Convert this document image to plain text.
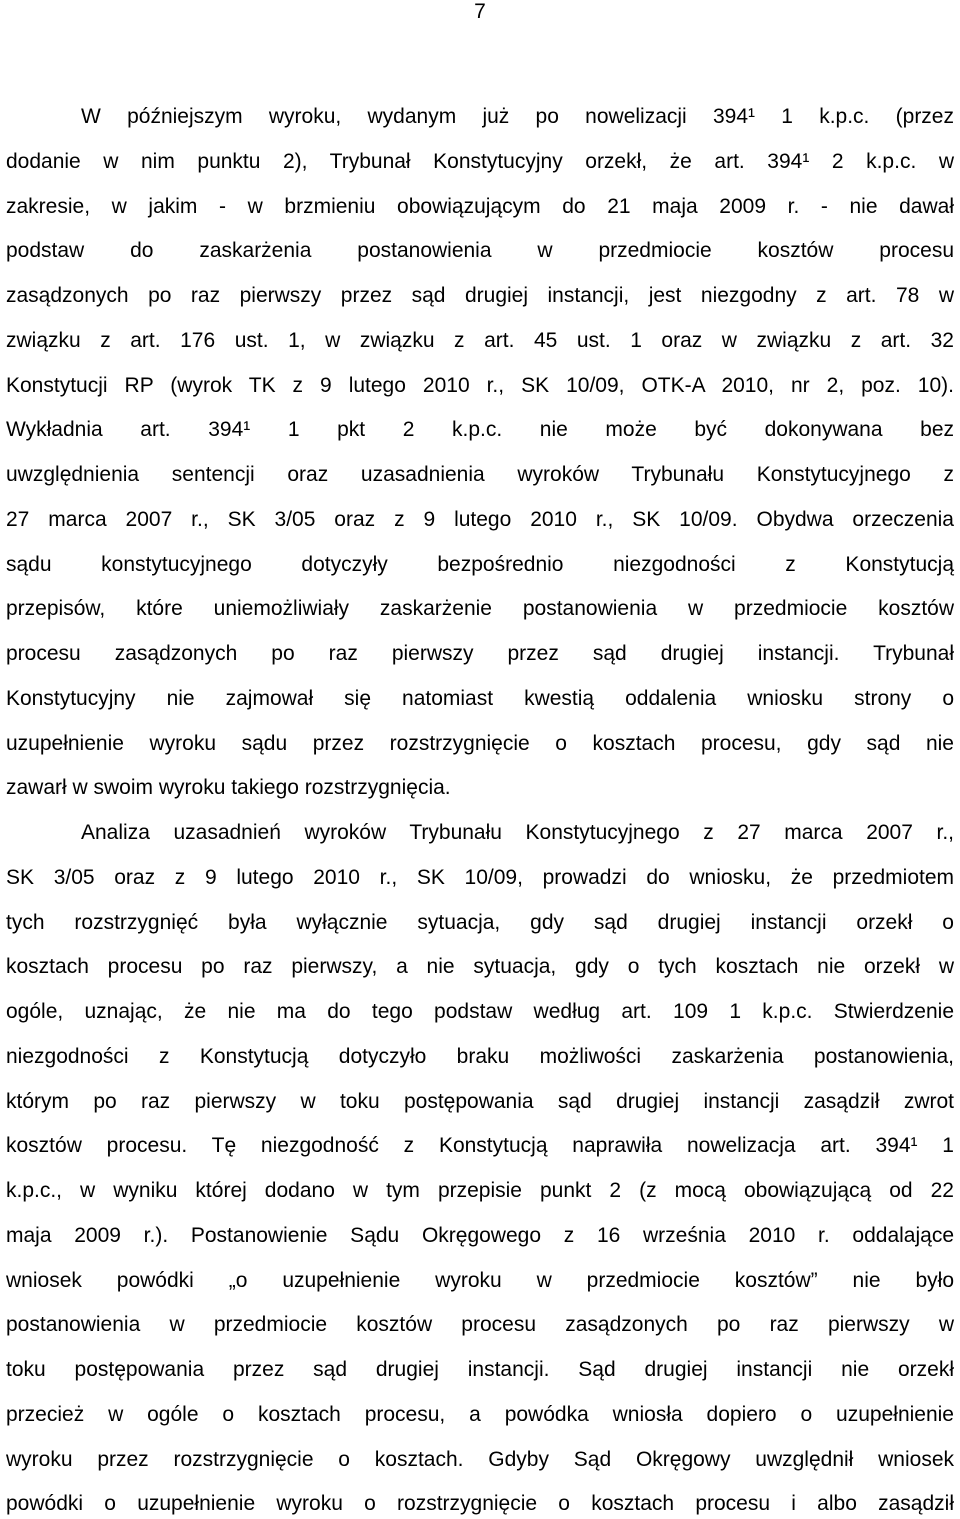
7
W późniejszym wyroku, wydanym już po nowelizacji 394¹ 1 k.p.c. (przez
dodanie w nim punktu 2), Trybunał Konstytucyjny orzekł, że art. 394¹ 2 k.p.c. w
zakresie, w jakim - w brzmieniu obowiązującym do 21 maja 2009 r. - nie dawał
podstaw do zaskarżenia postanowienia w przedmiocie kosztów procesu
zasądzonych po raz pierwszy przez sąd drugiej instancji, jest niezgodny z art. 78 w
związku z art. 176 ust. 1, w związku z art. 45 ust. 1 oraz w związku z art. 32
Konstytucji RP (wyrok TK z 9 lutego 2010 r., SK 10/09, OTK-A 2010, nr 2, poz. 10).
Wykładnia art. 394¹ 1 pkt 2 k.p.c. nie może być dokonywana bez
uwzględnienia sentencji oraz uzasadnienia wyroków Trybunału Konstytucyjnego z
27 marca 2007 r., SK 3/05 oraz z 9 lutego 2010 r., SK 10/09. Obydwa orzeczenia
sądu konstytucyjnego dotyczyły bezpośrednio niezgodności z Konstytucją
przepisów, które uniemożliwiały zaskarżenie postanowienia w przedmiocie kosztów
procesu zasądzonych po raz pierwszy przez sąd drugiej instancji. Trybunał
Konstytucyjny nie zajmował się natomiast kwestią oddalenia wniosku strony o
uzupełnienie wyroku sądu przez rozstrzygnięcie o kosztach procesu, gdy sąd nie
zawarł w swoim wyroku takiego rozstrzygnięcia.
Analiza uzasadnień wyroków Trybunału Konstytucyjnego z 27 marca 2007 r.,
SK 3/05 oraz z 9 lutego 2010 r., SK 10/09, prowadzi do wniosku, że przedmiotem
tych rozstrzygnięć była wyłącznie sytuacja, gdy sąd drugiej instancji orzekł o
kosztach procesu po raz pierwszy, a nie sytuacja, gdy o tych kosztach nie orzekł w
ogóle, uznając, że nie ma do tego podstaw według art. 109 1 k.p.c. Stwierdzenie
niezgodności z Konstytucją dotyczyło braku możliwości zaskarżenia postanowienia,
którym po raz pierwszy w toku postępowania sąd drugiej instancji zasądził zwrot
kosztów procesu. Tę niezgodność z Konstytucją naprawiła nowelizacja art. 394¹ 1
k.p.c., w wyniku której dodano w tym przepisie punkt 2 (z mocą obowiązującą od 22
maja 2009 r.). Postanowienie Sądu Okręgowego z 16 września 2010 r. oddalające
wniosek powódki „o uzupełnienie wyroku w przedmiocie kosztów” nie było
postanowienia w przedmiocie kosztów procesu zasądzonych po raz pierwszy w
toku postępowania przez sąd drugiej instancji. Sąd drugiej instancji nie orzekł
przecież w ogóle o kosztach procesu, a powódka wniosła dopiero o uzupełnienie
wyroku przez rozstrzygnięcie o kosztach. Gdyby Sąd Okręgowy uwzględnił wniosek
powódki o uzupełnienie wyroku o rozstrzygnięcie o kosztach procesu i albo zasądził
